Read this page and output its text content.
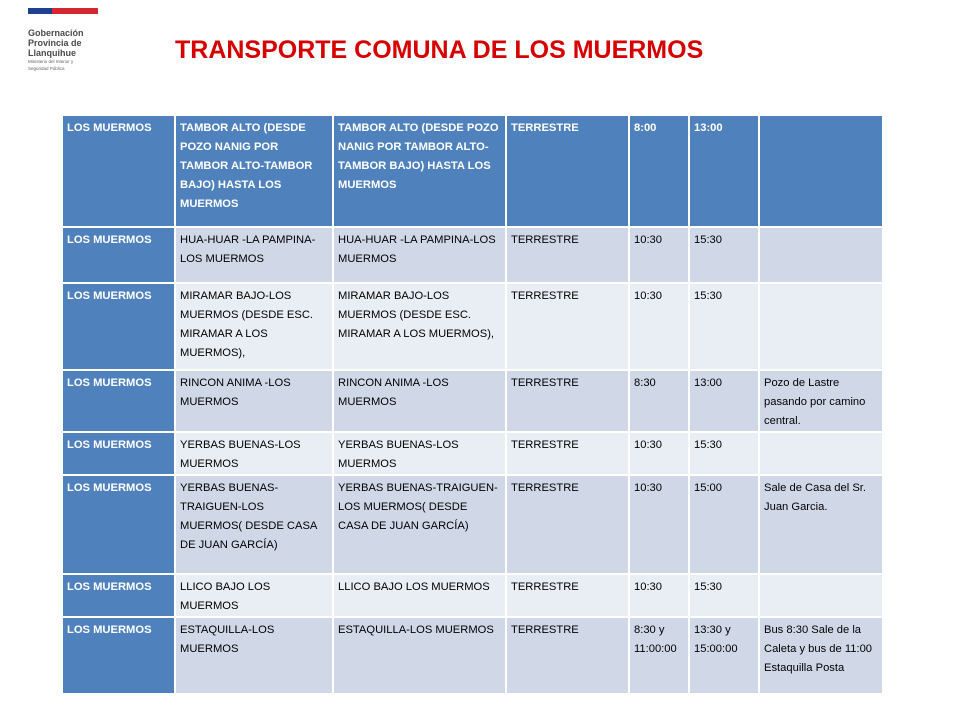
Gobernación
Provincia de
Llanquihue
Ministerio del Interior y
Seguridad Pública
TRANSPORTE COMUNA DE LOS MUERMOS
LOS MUERMOS	TAMBOR ALTO (DESDE POZO NANIG POR TAMBOR ALTO-TAMBOR BAJO) HASTA LOS MUERMOS	TAMBOR ALTO (DESDE POZO NANIG POR TAMBOR ALTO-TAMBOR BAJO) HASTA LOS MUERMOS	TERRESTRE	8:00	13:00	
LOS MUERMOS	HUA-HUAR -LA PAMPINA-LOS MUERMOS	HUA-HUAR -LA PAMPINA-LOS MUERMOS	TERRESTRE	10:30	15:30	
LOS MUERMOS	MIRAMAR BAJO-LOS MUERMOS (DESDE ESC. MIRAMAR A LOS MUERMOS),	MIRAMAR BAJO-LOS MUERMOS (DESDE ESC. MIRAMAR A LOS MUERMOS),	TERRESTRE	10:30	15:30	
LOS MUERMOS	RINCON ANIMA -LOS MUERMOS	RINCON ANIMA -LOS MUERMOS	TERRESTRE	8:30	13:00	Pozo de Lastre pasando por camino central.
LOS MUERMOS	YERBAS BUENAS-LOS MUERMOS	YERBAS BUENAS-LOS MUERMOS	TERRESTRE	10:30	15:30	
LOS MUERMOS	YERBAS BUENAS-TRAIGUEN-LOS MUERMOS( DESDE CASA DE JUAN GARCÍA)	YERBAS BUENAS-TRAIGUEN-LOS MUERMOS( DESDE CASA DE JUAN GARCÍA)	TERRESTRE	10:30	15:00	Sale de Casa del Sr. Juan Garcia.
LOS MUERMOS	LLICO BAJO LOS MUERMOS	LLICO BAJO LOS MUERMOS	TERRESTRE	10:30	15:30	
LOS MUERMOS	ESTAQUILLA-LOS MUERMOS	ESTAQUILLA-LOS MUERMOS	TERRESTRE	8:30 y 11:00:00	13:30 y 15:00:00	Bus 8:30 Sale de la Caleta y bus de 11:00 Estaquilla Posta
